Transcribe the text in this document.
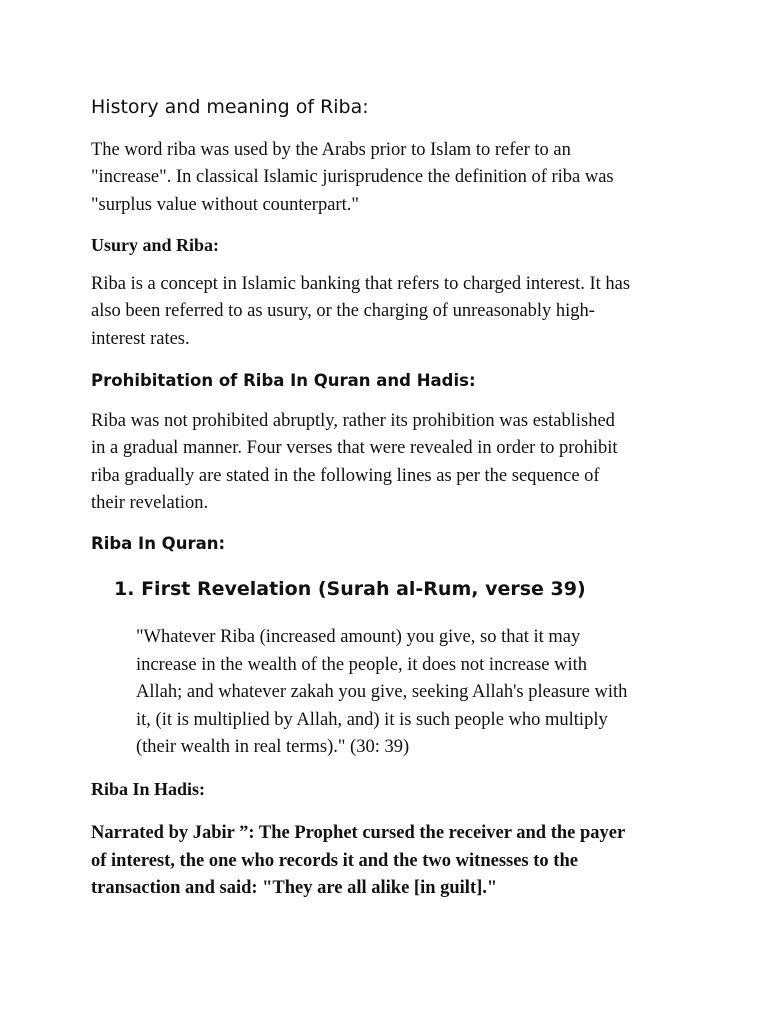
History and meaning of Riba:

The word riba was used by the Arabs prior to Islam to refer to an
"increase". In classical Islamic jurisprudence the definition of riba was
"surplus value without counterpart."

Usury and Riba:

Riba is a concept in Islamic banking that refers to charged interest. It has
also been referred to as usury, or the charging of unreasonably high-
interest rates.

Prohibitation of Riba In Quran and Hadis:

Riba was not prohibited abruptly, rather its prohibition was established
in a gradual manner. Four verses that were revealed in order to prohibit
riba gradually are stated in the following lines as per the sequence of
their revelation.

Riba In Quran:
1. First Revelation (Surah al-Rum, verse 39)

"Whatever Riba (increased amount) you give, so that it may
increase in the wealth of the people, it does not increase with
Allah; and whatever zakah you give, seeking Allah's pleasure with
it, (it is multiplied by Allah, and) it is such people who multiply
(their wealth in real terms)." (30: 39)

Riba In Hadis:

Narrated by Jabir ”: The Prophet cursed the receiver and the payer
of interest, the one who records it and the two witnesses to the
transaction and said: "They are all alike [in guilt]."
